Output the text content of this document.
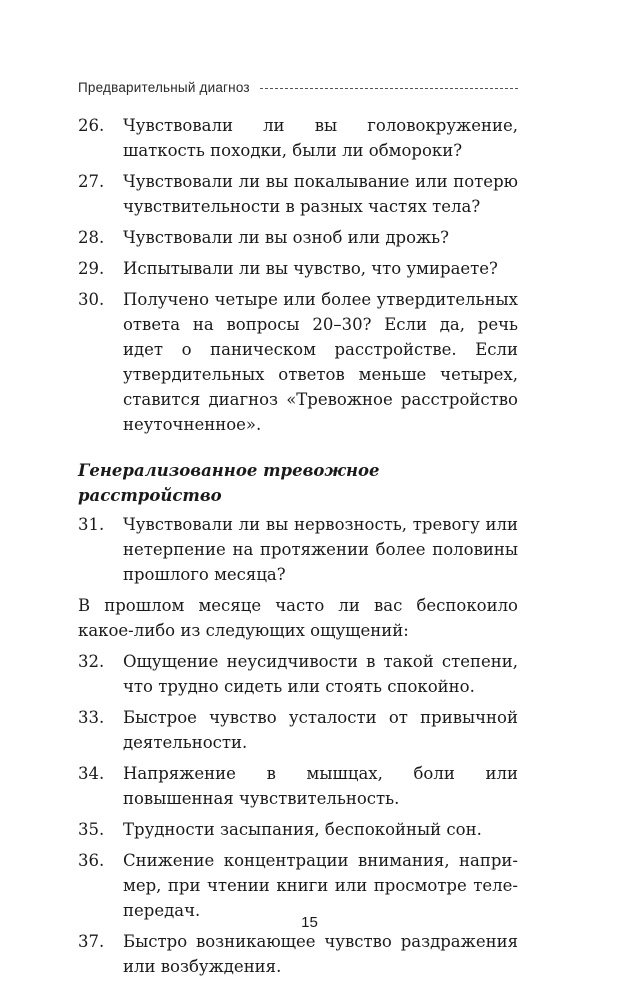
Предварительный диагноз
26.	Чувствовали ли вы головокружение, шаткость походки, были ли обмороки?
27.	Чувствовали ли вы покалывание или потерю чувствительности в разных частях тела?
28.	Чувствовали ли вы озноб или дрожь?
29.	Испытывали ли вы чувство, что умираете?
30.	Получено четыре или более утвердительных ответа на вопросы 20–30? Если да, речь идет о паническом расстройстве. Если утвердительных ответов меньше четырех, ставится диагноз «Тревожное расстройство неуточненное».
Генерализованное тревожное расстройство
31.	Чувствовали ли вы нервозность, тревогу или нетерпение на протяжении более половины прошлого месяца?
В прошлом месяце часто ли вас беспокоило какое-либо из следующих ощущений:
32.	Ощущение неусидчивости в такой степени, что трудно сидеть или стоять спокойно.
33.	Быстрое чувство усталости от привычной деятельности.
34.	Напряжение в мышцах, боли или повышенная чувствительность.
35.	Трудности засыпания, беспокойный сон.
36.	Снижение концентрации внимания, например, при чтении книги или просмотре телепередач.
37.	Быстро возникающее чувство раздражения или возбуждения.
15
